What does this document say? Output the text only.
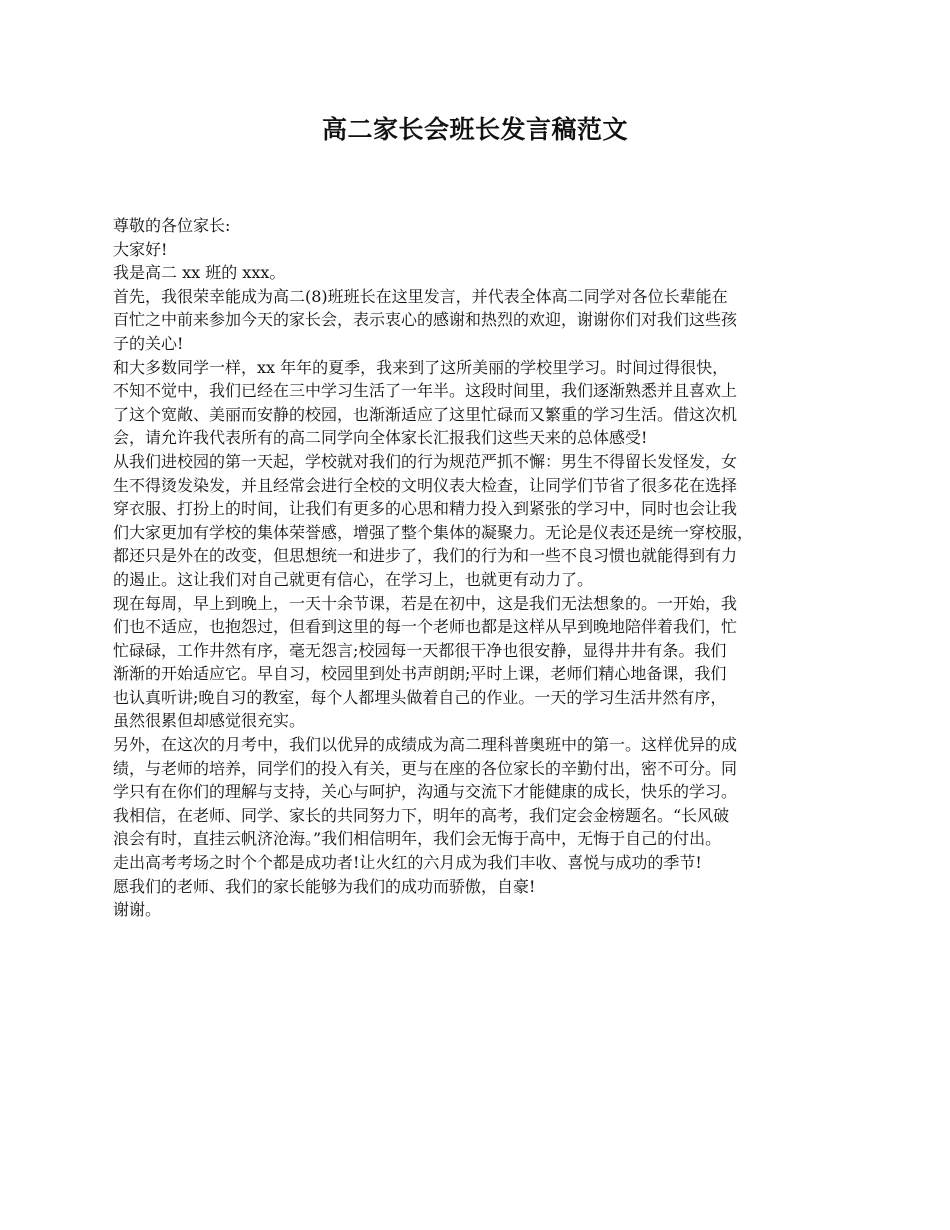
高二家长会班长发言稿范文
尊敬的各位家长:
大家好!
我是高二 xx 班的 xxx。
首先，我很荣幸能成为高二(8)班班长在这里发言，并代表全体高二同学对各位长辈能在
百忙之中前来参加今天的家长会，表示衷心的感谢和热烈的欢迎，谢谢你们对我们这些孩
子的关心!
和大多数同学一样，xx 年年的夏季，我来到了这所美丽的学校里学习。时间过得很快，
不知不觉中，我们已经在三中学习生活了一年半。这段时间里，我们逐渐熟悉并且喜欢上
了这个宽敞、美丽而安静的校园，也渐渐适应了这里忙碌而又繁重的学习生活。借这次机
会，请允许我代表所有的高二同学向全体家长汇报我们这些天来的总体感受!
从我们进校园的第一天起，学校就对我们的行为规范严抓不懈：男生不得留长发怪发，女
生不得烫发染发，并且经常会进行全校的文明仪表大检查，让同学们节省了很多花在选择
穿衣服、打扮上的时间，让我们有更多的心思和精力投入到紧张的学习中，同时也会让我
们大家更加有学校的集体荣誉感，增强了整个集体的凝聚力。无论是仪表还是统一穿校服，
都还只是外在的改变，但思想统一和进步了，我们的行为和一些不良习惯也就能得到有力
的遏止。这让我们对自己就更有信心，在学习上，也就更有动力了。
现在每周，早上到晚上，一天十余节课，若是在初中，这是我们无法想象的。一开始，我
们也不适应，也抱怨过，但看到这里的每一个老师也都是这样从早到晚地陪伴着我们，忙
忙碌碌，工作井然有序，毫无怨言;校园每一天都很干净也很安静，显得井井有条。我们
渐渐的开始适应它。早自习，校园里到处书声朗朗;平时上课，老师们精心地备课，我们
也认真听讲;晚自习的教室，每个人都埋头做着自己的作业。一天的学习生活井然有序，
虽然很累但却感觉很充实。
另外，在这次的月考中，我们以优异的成绩成为高二理科普奥班中的第一。这样优异的成
绩，与老师的培养，同学们的投入有关，更与在座的各位家长的辛勤付出，密不可分。同
学只有在你们的理解与支持，关心与呵护，沟通与交流下才能健康的成长，快乐的学习。
我相信，在老师、同学、家长的共同努力下，明年的高考，我们定会金榜题名。“长风破
浪会有时，直挂云帆济沧海。”我们相信明年，我们会无悔于高中，无悔于自己的付出。
走出高考考场之时个个都是成功者!让火红的六月成为我们丰收、喜悦与成功的季节!
愿我们的老师、我们的家长能够为我们的成功而骄傲，自豪!
谢谢。
